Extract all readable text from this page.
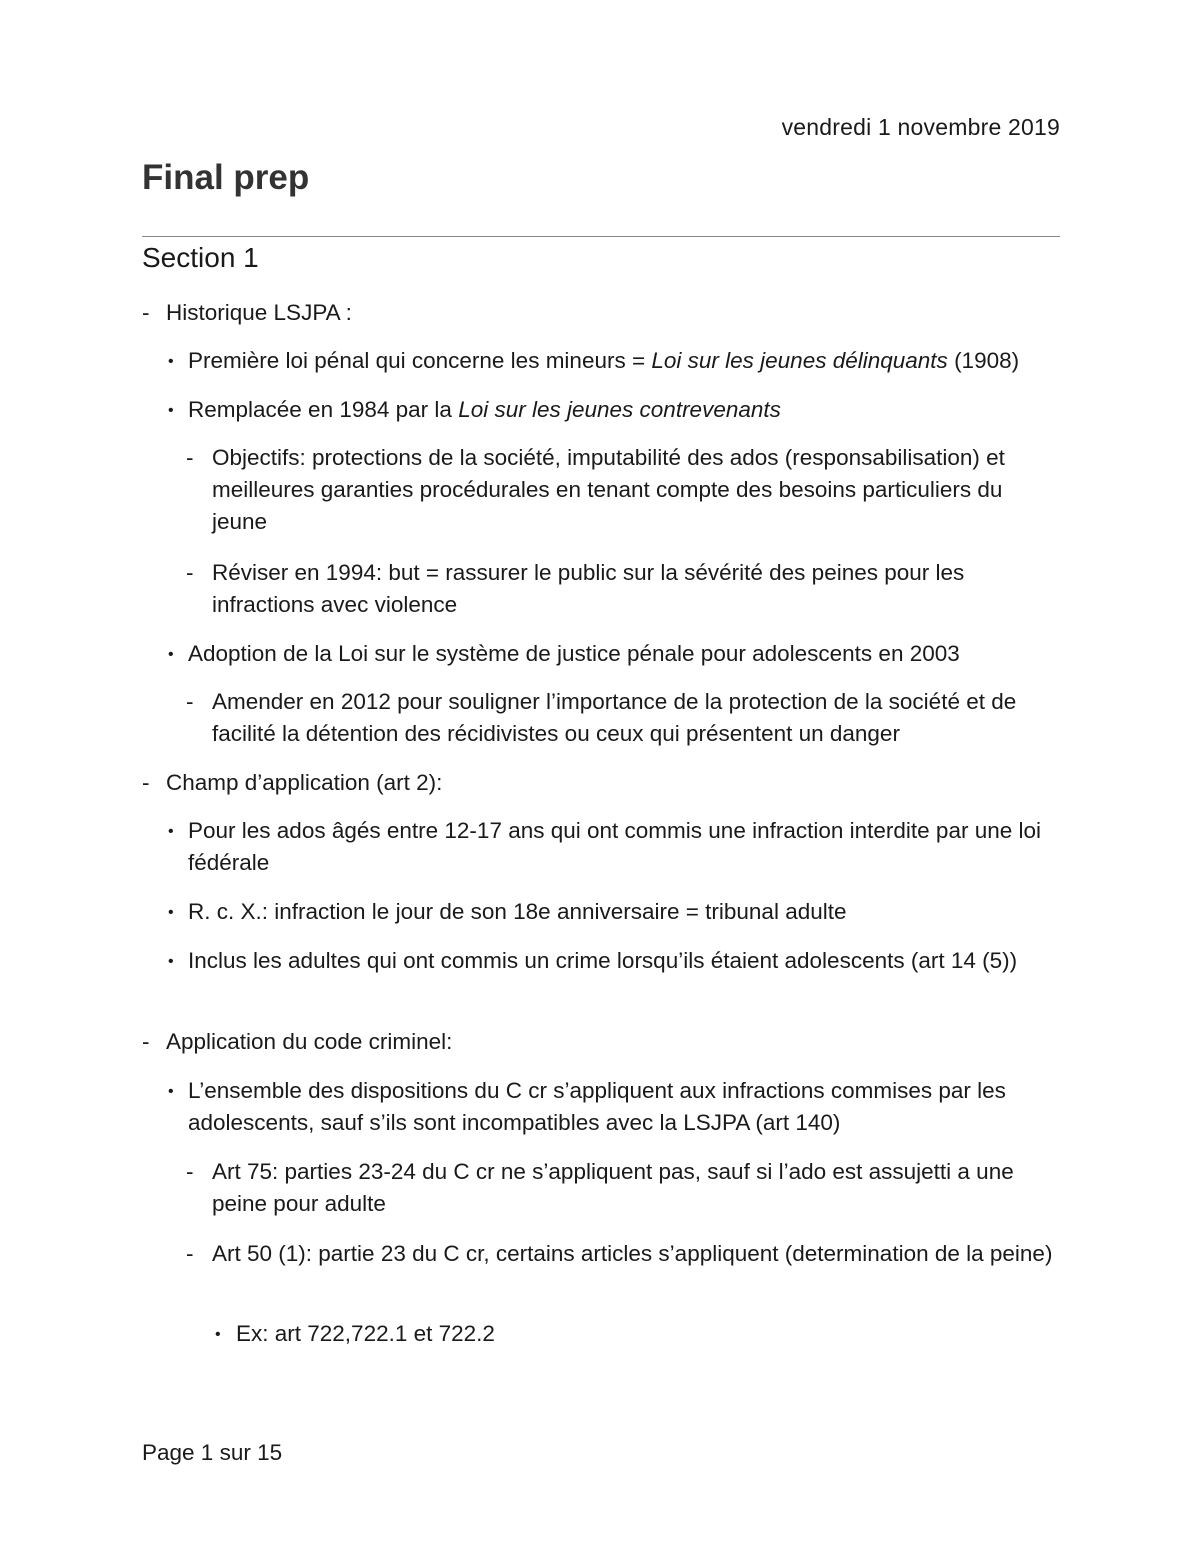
vendredi 1 novembre 2019
Final prep
Section 1
- Historique LSJPA :
• Première loi pénal qui concerne les mineurs = Loi sur les jeunes délinquants (1908)
• Remplacée en 1984 par la Loi sur les jeunes contrevenants
- Objectifs: protections de la société, imputabilité des ados (responsabilisation) et meilleures garanties procédurales en tenant compte des besoins particuliers du jeune
- Réviser en 1994: but = rassurer le public sur la sévérité des peines pour les infractions avec violence
• Adoption de la Loi sur le système de justice pénale pour adolescents en 2003
- Amender en 2012 pour souligner l’importance de la protection de la société et de facilité la détention des récidivistes ou ceux qui présentent un danger
- Champ d’application (art 2):
• Pour les ados âgés entre 12-17 ans qui ont commis une infraction interdite par une loi fédérale
• R. c. X.: infraction le jour de son 18e anniversaire = tribunal adulte
• Inclus les adultes qui ont commis un crime lorsqu’ils étaient adolescents (art 14 (5))
- Application du code criminel:
• L’ensemble des dispositions du C cr s’appliquent aux infractions commises par les adolescents, sauf s’ils sont incompatibles avec la LSJPA (art 140)
- Art 75: parties 23-24 du C cr ne s’appliquent pas, sauf si l’ado est assujetti a une peine pour adulte
- Art 50 (1): partie 23 du C cr, certains articles s’appliquent (determination de la peine)
• Ex: art 722,722.1 et 722.2
Page 1 sur 15
